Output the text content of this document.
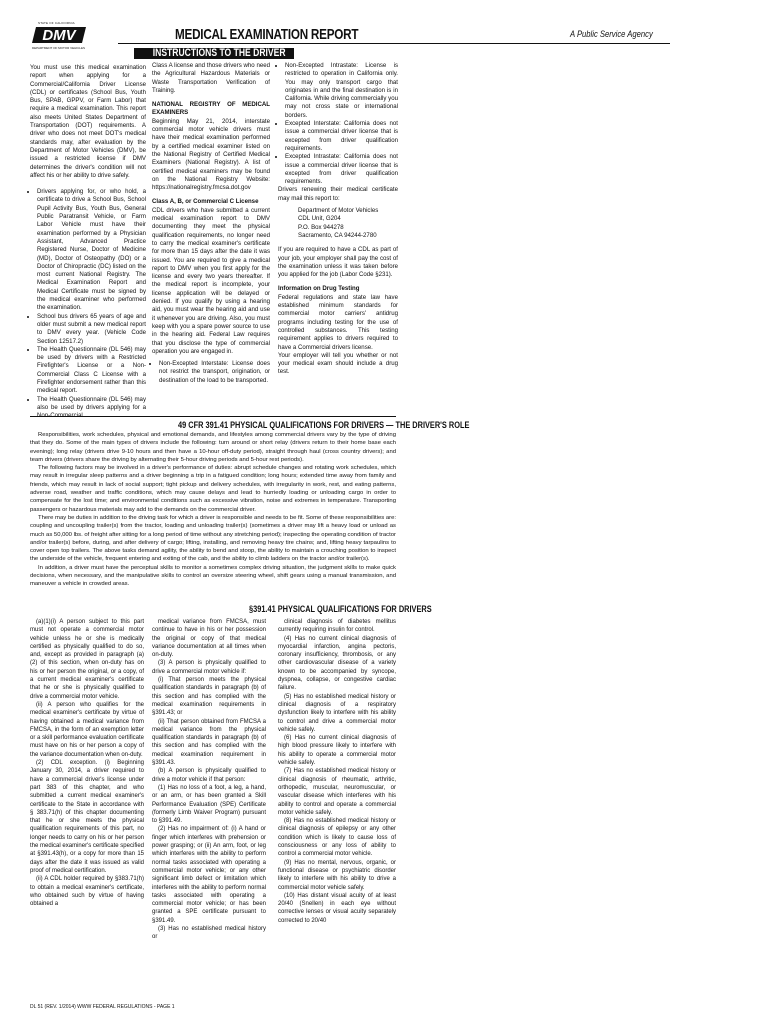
STATE OF CALIFORNIA
DMV
DEPARTMENT OF MOTOR VEHICLES
MEDICAL EXAMINATION REPORT	A Public Service Agency
INSTRUCTIONS TO THE DRIVER

You must use this medical examination report when applying for a Commercial/California Driver License (CDL) or certificates (School Bus, Youth Bus, SPAB, GPPV, or Farm Labor) that require a medical examination. This report also meets United States Department of Transportation (DOT) requirements. A driver who does not meet DOT's medical standards may, after evaluation by the Department of Motor Vehicles (DMV), be issued a restricted license if DMV determines the driver's condition will not affect his or her ability to drive safely.

• Drivers applying for, or who hold, a certificate to drive a School Bus, School Pupil Activity Bus, Youth Bus, General Public Paratransit Vehicle, or Farm Labor Vehicle must have their examination performed by a Physician Assistant, Advanced Practice Registered Nurse, Doctor of Medicine (MD), Doctor of Osteopathy (DO) or a Doctor of Chiropractic (DC) listed on the most current National Registry. The Medical Examination Report and Medical Certificate must be signed by the medical examiner who performed the examination.
• School bus drivers 65 years of age and older must submit a new medical report to DMV every year. (Vehicle Code Section 12517.2)
• The Health Questionnaire (DL 546) may be used by drivers with a Restricted Firefighter's License or a Non-Commercial Class C License with a Firefighter endorsement rather than this medical report.
• The Health Questionnaire (DL 546) may also be used by drivers applying for a Non-Commercial

Class A license and those drivers who need the Agricultural Hazardous Materials or Waste Transportation Verification of Training.

NATIONAL REGISTRY OF MEDICAL EXAMINERS

Beginning May 21, 2014, interstate commercial motor vehicle drivers must have their medical examination performed by a certified medical examiner listed on the National Registry of Certified Medical Examiners (National Registry). A list of certified medical examiners may be found on the National Registry Website: https://nationalregistry.fmcsa.dot.gov

Class A, B, or Commercial C License

CDL drivers who have submitted a current medical examination report to DMV documenting they meet the physical qualification requirements, no longer need to carry the medical examiner's certificate for more than 15 days after the date it was issued. You are required to give a medical report to DMV when you first apply for the license and every two years thereafter. If the medical report is incomplete, your license application will be delayed or denied. If you qualify by using a hearing aid, you must wear the hearing aid and use it whenever you are driving. Also, you must keep with you a spare power source to use in the hearing aid. Federal Law requires that you disclose the type of commercial operation you are engaged in.

• Non-Excepted Interstate: License does not restrict the transport, origination, or destination of the load to be transported.
• Non-Excepted Intrastate: License is restricted to operation in California only. You may only transport cargo that originates in and the final destination is in California. While driving commercially you may not cross state or international borders.
• Excepted Interstate: California does not issue a commercial driver license that is excepted from driver qualification requirements.
• Excepted Intrastate: California does not issue a commercial driver license that is excepted from driver qualification requirements.

Drivers renewing their medical certificate may mail this report to:

Department of Motor Vehicles

CDL Unit, G204

P.O. Box 944278

Sacramento, CA 94244-2780

If you are required to have a CDL as part of your job, your employer shall pay the cost of the examination unless it was taken before you applied for the job (Labor Code §231).

Information on Drug Testing

Federal regulations and state law have established minimum standards for commercial motor carriers' antidrug programs including testing for the use of controlled substances. This testing requirement applies to drivers required to have a Commercial drivers license.

Your employer will tell you whether or not your medical exam should include a drug test.

49 CFR 391.41 PHYSICAL QUALIFICATIONS FOR DRIVERS — THE DRIVER'S ROLE

Responsibilities, work schedules, physical and emotional demands, and lifestyles among commercial drivers vary by the type of driving that they do. Some of the main types of drivers include the following: turn around or short relay (drivers return to their home base each evening); long relay (drivers drive 9-10 hours and then have a 10-hour off-duty period), straight through haul (cross country drivers); and team drivers (drivers share the driving by alternating their 5-hour driving periods and 5-hour rest periods).

The following factors may be involved in a driver's performance of duties: abrupt schedule changes and rotating work schedules, which may result in irregular sleep patterns and a driver beginning a trip in a fatigued condition; long hours; extended time away from family and friends, which may result in lack of social support; tight pickup and delivery schedules, with irregularity in work, rest, and eating patterns, adverse road, weather and traffic conditions, which may cause delays and lead to hurriedly loading or unloading cargo in order to compensate for the lost time; and environmental conditions such as excessive vibration, noise and extremes in temperature. Transporting passengers or hazardous materials may add to the demands on the commercial driver.

There may be duties in addition to the driving task for which a driver is responsible and needs to be fit. Some of these responsibilities are: coupling and uncoupling trailer(s) from the tractor, loading and unloading trailer(s) (sometimes a driver may lift a heavy load or unload as much as 50,000 lbs. of freight after sitting for a long period of time without any stretching period); inspecting the operating condition of tractor and/or trailer(s) before, during, and after delivery of cargo; lifting, installing, and removing heavy tire chains; and, lifting heavy tarpaulins to cover open top trailers. The above tasks demand agility, the ability to bend and stoop, the ability to maintain a crouching position to inspect the underside of the vehicle, frequent entering and exiting of the cab, and the ability to climb ladders on the tractor and/or trailer(s).

In addition, a driver must have the perceptual skills to monitor a sometimes complex driving situation, the judgment skills to make quick decisions, when necessary, and the manipulative skills to control an oversize steering wheel, shift gears using a manual transmission, and maneuver a vehicle in crowded areas.

§391.41 PHYSICAL QUALIFICATIONS FOR DRIVERS

(a)(1)(i) A person subject to this part must not operate a commercial motor vehicle unless he or she is medically certified as physically qualified to do so, and, except as provided in paragraph (a)(2) of this section, when on-duty has on his or her person the original, or a copy, of a current medical examiner's certificate that he or she is physically qualified to drive a commercial motor vehicle.

(ii) A person who qualifies for the medical examiner's certificate by virtue of having obtained a medical variance from FMCSA, in the form of an exemption letter or a skill performance evaluation certificate must have on his or her person a copy of the variance documentation when on-duty.

(2) CDL exception. (i) Beginning January 30, 2014, a driver required to have a commercial driver's license under part 383 of this chapter, and who submitted a current medical examiner's certificate to the State in accordance with § 383.71(h) of this chapter documenting that he or she meets the physical qualification requirements of this part, no longer needs to carry on his or her person the medical examiner's certificate specified at §391.43(h), or a copy for more than 15 days after the date it was issued as valid proof of medical certification.

(ii) A CDL holder required by §383.71(h) to obtain a medical examiner's certificate, who obtained such by virtue of having obtained a

medical variance from FMCSA, must continue to have in his or her possession the original or copy of that medical variance documentation at all times when on-duty.

(3) A person is physically qualified to drive a commercial motor vehicle if:

(i) That person meets the physical qualification standards in paragraph (b) of this section and has complied with the medical examination requirements in §391.43; or

(ii) That person obtained from FMCSA a medical variance from the physical qualification standards in paragraph (b) of this section and has complied with the medical examination requirement in §391.43.

(b) A person is physically qualified to drive a motor vehicle if that person:

(1) Has no loss of a foot, a leg, a hand, or an arm, or has been granted a Skill Performance Evaluation (SPE) Certificate (formerly Limb Waiver Program) pursuant to §391.49.

(2) Has no impairment of: (i) A hand or finger which interferes with prehension or power grasping; or (ii) An arm, foot, or leg which interferes with the ability to perform normal tasks associated with operating a commercial motor vehicle; or any other significant limb defect or limitation which interferes with the ability to perform normal tasks associated with operating a commercial motor vehicle; or has been granted a SPE certificate pursuant to §391.49.

(3) Has no established medical history or

clinical diagnosis of diabetes mellitus currently requiring insulin for control.

(4) Has no current clinical diagnosis of myocardial infarction, angina pectoris, coronary insufficiency, thrombosis, or any other cardiovascular disease of a variety known to be accompanied by syncope, dyspnea, collapse, or congestive cardiac failure.

(5) Has no established medical history or clinical diagnosis of a respiratory dysfunction likely to interfere with his ability to control and drive a commercial motor vehicle safely.

(6) Has no current clinical diagnosis of high blood pressure likely to interfere with his ability to operate a commercial motor vehicle safely.

(7) Has no established medical history or clinical diagnosis of rheumatic, arthritic, orthopedic, muscular, neuromuscular, or vascular disease which interferes with his ability to control and operate a commercial motor vehicle safely.

(8) Has no established medical history or clinical diagnosis of epilepsy or any other condition which is likely to cause loss of consciousness or any loss of ability to control a commercial motor vehicle.

(9) Has no mental, nervous, organic, or functional disease or psychiatric disorder likely to interfere with his ability to drive a commercial motor vehicle safely.

(10) Has distant visual acuity of at least 20/40 (Snellen) in each eye without corrective lenses or visual acuity separately corrected to 20/40

DL 51 (REV. 1/2014) WWW FEDERAL REGULATIONS - PAGE 1
